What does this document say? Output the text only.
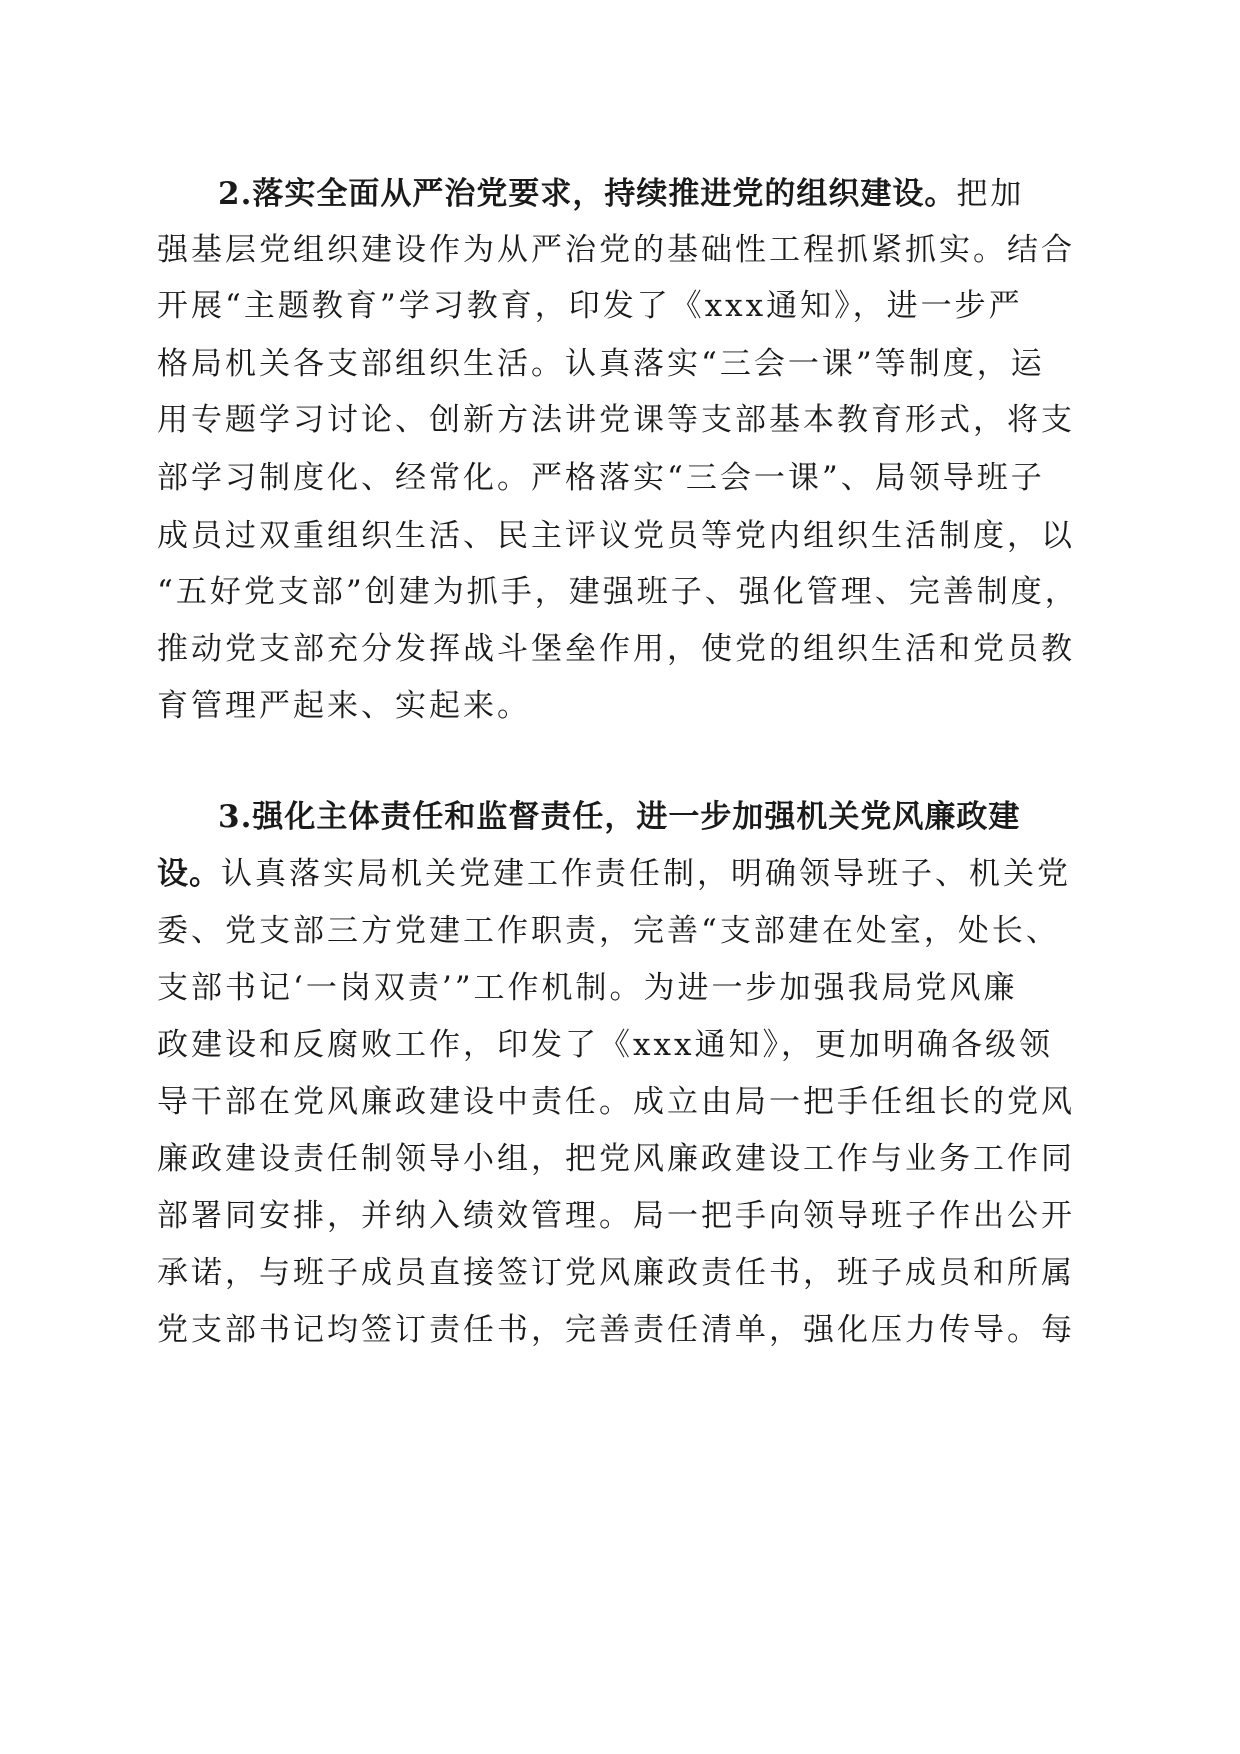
2.落实全面从严治党要求，持续推进党的组织建设。把加
强基层党组织建设作为从严治党的基础性工程抓紧抓实。结合
开展“主题教育”学习教育，印发了《xxx通知》，进一步严
格局机关各支部组织生活。认真落实“三会一课”等制度，运
用专题学习讨论、创新方法讲党课等支部基本教育形式，将支
部学习制度化、经常化。严格落实“三会一课”、局领导班子
成员过双重组织生活、民主评议党员等党内组织生活制度，以
“五好党支部”创建为抓手，建强班子、强化管理、完善制度，
推动党支部充分发挥战斗堡垒作用，使党的组织生活和党员教
育管理严起来、实起来。
3.强化主体责任和监督责任，进一步加强机关党风廉政建
设。认真落实局机关党建工作责任制，明确领导班子、机关党
委、党支部三方党建工作职责，完善“支部建在处室，处长、
支部书记‘一岗双责’”工作机制。为进一步加强我局党风廉
政建设和反腐败工作，印发了《xxx通知》，更加明确各级领
导干部在党风廉政建设中责任。成立由局一把手任组长的党风
廉政建设责任制领导小组，把党风廉政建设工作与业务工作同
部署同安排，并纳入绩效管理。局一把手向领导班子作出公开
承诺，与班子成员直接签订党风廉政责任书，班子成员和所属
党支部书记均签订责任书，完善责任清单，强化压力传导。每
